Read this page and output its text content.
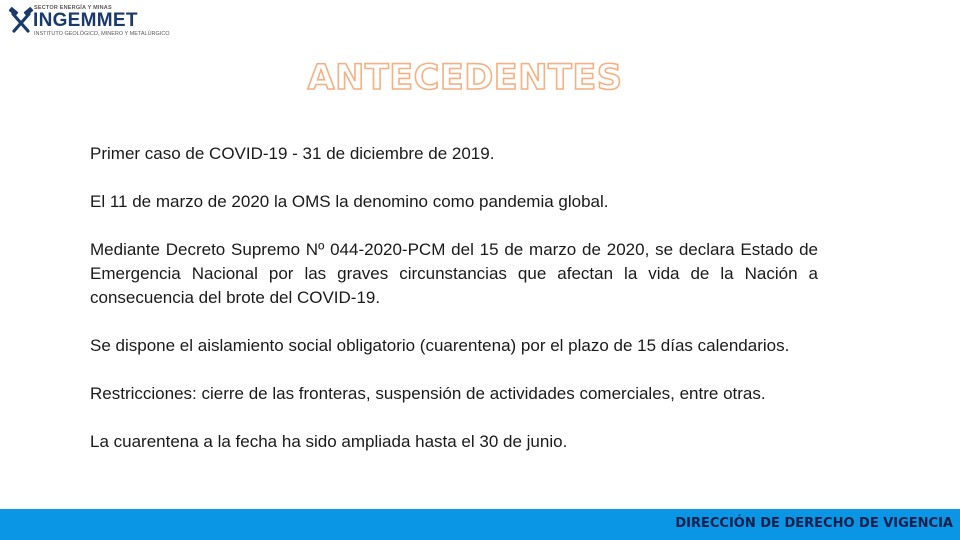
SECTOR ENERGÍA Y MINAS
INGEMMET
INSTITUTO GEOLÓGICO, MINERO Y METALÚRGICO
ANTECEDENTES

Primer caso de COVID-19 - 31 de diciembre de 2019.

El 11 de marzo de 2020 la OMS la denomino como pandemia global.

Mediante Decreto Supremo Nº 044-2020-PCM del 15 de marzo de 2020, se declara Estado de Emergencia Nacional por las graves circunstancias que afectan la vida de la Nación a consecuencia del brote del COVID-19.

Se dispone el aislamiento social obligatorio (cuarentena) por el plazo de 15 días calendarios.

Restricciones: cierre de las fronteras, suspensión de actividades comerciales, entre otras.

La cuarentena a la fecha ha sido ampliada hasta el 30 de junio.

DIRECCIÓN DE DERECHO DE VIGENCIA
